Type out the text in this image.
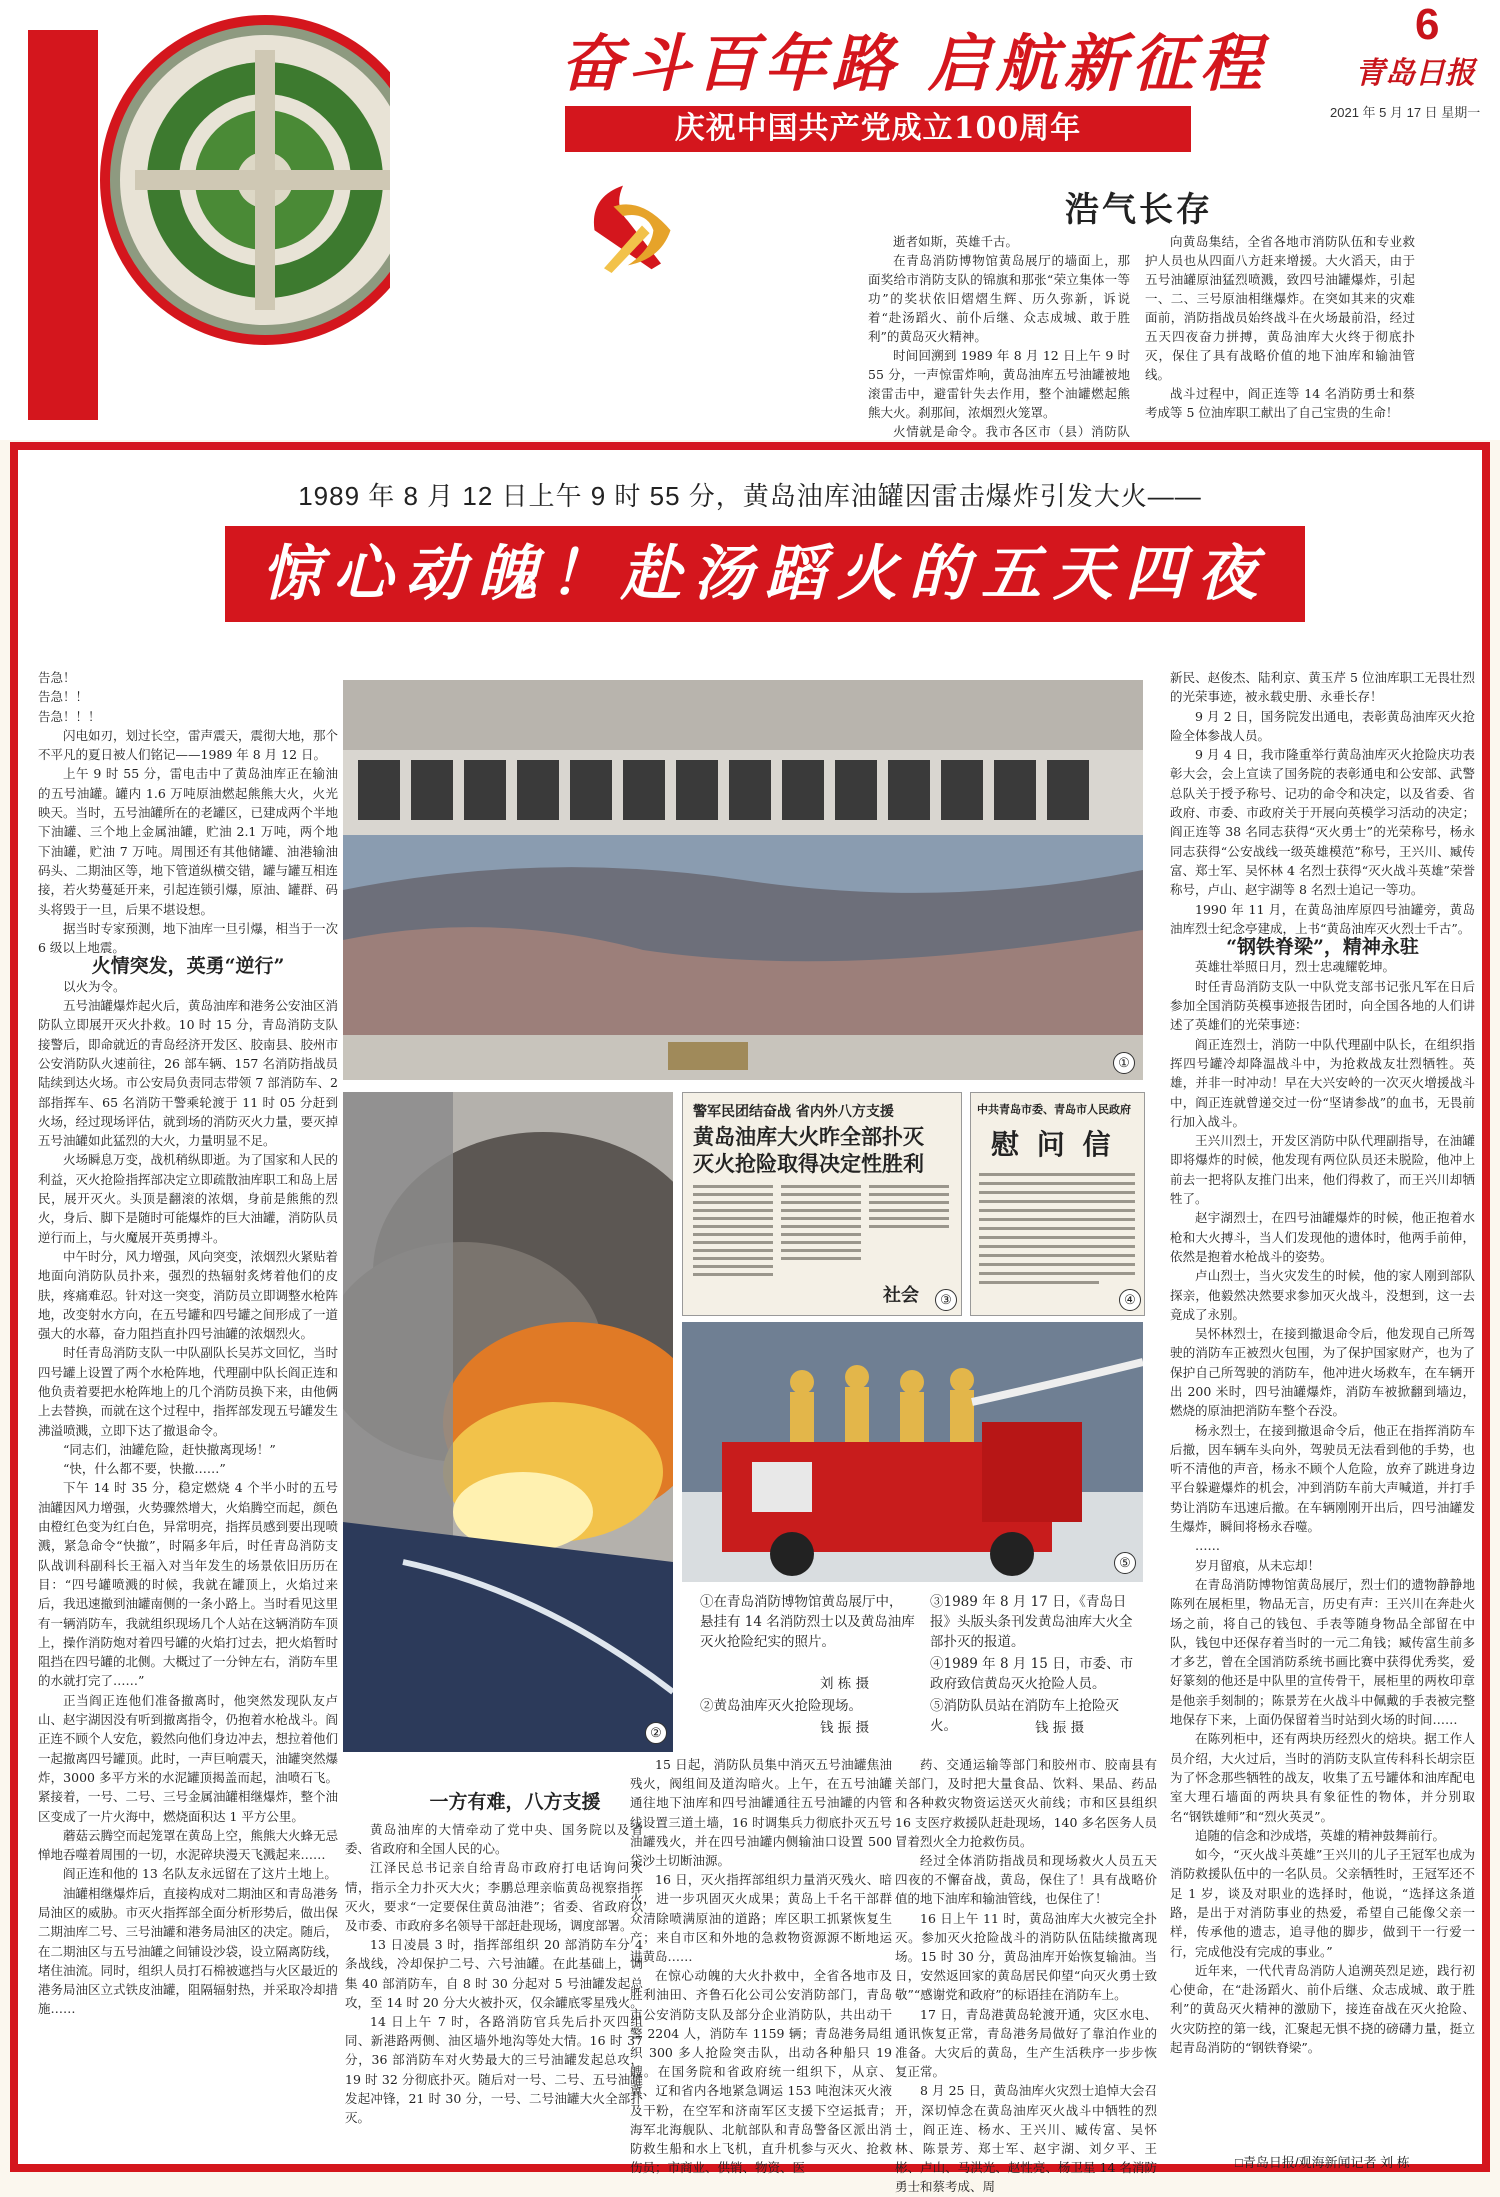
奋斗百年路 启航新征程
6
青岛日报
2021 年 5 月 17 日 星期一
庆祝中国共产党成立100周年
浩气长存

逝者如斯，英雄千古。

在青岛消防博物馆黄岛展厅的墙面上，那面奖给市消防支队的锦旗和那张“荣立集体一等功”的奖状依旧熠熠生辉、历久弥新，诉说着“赴汤蹈火、前仆后继、众志成城、敢于胜利”的黄岛灭火精神。

时间回溯到 1989 年 8 月 12 日上午 9 时 55 分，一声惊雷炸响，黄岛油库五号油罐被地滚雷击中，避雷针失去作用，整个油罐燃起熊熊大火。刹那间，浓烟烈火笼罩。

火情就是命令。我市各区市（县）消防队

向黄岛集结，全省各地市消防队伍和专业救护人员也从四面八方赶来增援。大火滔天，由于五号油罐原油猛烈喷溅，致四号油罐爆炸，引起一、二、三号原油相继爆炸。在突如其来的灾难面前，消防指战员始终战斗在火场最前沿，经过五天四夜奋力拼搏，黄岛油库大火终于彻底扑灭，保住了具有战略价值的地下油库和输油管线。

战斗过程中，阎正连等 14 名消防勇士和蔡考成等 5 位油库职工献出了自己宝贵的生命！

1989 年 8 月 12 日上午 9 时 55 分，黄岛油库油罐因雷击爆炸引发大火——
惊心动魄！赴汤蹈火的五天四夜

告急！

告急！！

告急！！！

闪电如刃，划过长空，雷声震天，震彻大地，那个不平凡的夏日被人们铭记——1989 年 8 月 12 日。

上午 9 时 55 分，雷电击中了黄岛油库正在输油的五号油罐。罐内 1.6 万吨原油燃起熊熊大火，火光映天。当时，五号油罐所在的老罐区，已建成两个半地下油罐、三个地上金属油罐，贮油 2.1 万吨，两个地下油罐，贮油 7 万吨。周围还有其他储罐、油港输油码头、二期油区等，地下管道纵横交错，罐与罐互相连接，若火势蔓延开来，引起连锁引爆，原油、罐群、码头将毁于一旦，后果不堪设想。

据当时专家预测，地下油库一旦引爆，相当于一次 6 级以上地震。

火情突发，英勇“逆行”

以火为令。

五号油罐爆炸起火后，黄岛油库和港务公安油区消防队立即展开灭火扑救。10 时 15 分，青岛消防支队接警后，即命就近的青岛经济开发区、胶南县、胶州市公安消防队火速前往，26 部车辆、157 名消防指战员陆续到达火场。市公安局负责同志带领 7 部消防车、2 部指挥车、65 名消防干警乘轮渡于 11 时 05 分赶到火场，经过现场评估，就到场的消防灭火力量，要灭掉五号油罐如此猛烈的大火，力量明显不足。

火场瞬息万变，战机稍纵即逝。为了国家和人民的利益，灭火抢险指挥部决定立即疏散油库职工和岛上居民，展开灭火。头顶是翻滚的浓烟，身前是熊熊的烈火，身后、脚下是随时可能爆炸的巨大油罐，消防队员逆行而上，与火魔展开英勇搏斗。

中午时分，风力增强，风向突变，浓烟烈火紧贴着地面向消防队员扑来，强烈的热辐射炙烤着他们的皮肤，疼痛难忍。针对这一突变，消防员立即调整水枪阵地，改变射水方向，在五号罐和四号罐之间形成了一道强大的水幕，奋力阻挡直扑四号油罐的浓烟烈火。

时任青岛消防支队一中队副队长吴苏文回忆，当时四号罐上设置了两个水枪阵地，代理副中队长阎正连和他负责着要把水枪阵地上的几个消防员换下来，由他俩上去替换，而就在这个过程中，指挥部发现五号罐发生沸溢喷溅，立即下达了撤退命令。

“同志们，油罐危险，赶快撤离现场！”

“快，什么都不要，快撤……”

下午 14 时 35 分，稳定燃烧 4 个半小时的五号油罐因风力增强，火势骤然增大，火焰腾空而起，颜色由橙红色变为红白色，异常明亮，指挥员感到要出现喷溅，紧急命令“快撤”，时隔多年后，时任青岛消防支队战训科副科长王福入对当年发生的场景依旧历历在目：“四号罐喷溅的时候，我就在罐顶上，火焰过来后，我迅速撤到油罐南侧的一条小路上。当时看见这里有一辆消防车，我就组织现场几个人站在这辆消防车顶上，操作消防炮对着四号罐的火焰打过去，把火焰暂时阻挡在四号罐的北侧。大概过了一分钟左右，消防车里的水就打完了……”

正当阎正连他们准备撤离时，他突然发现队友卢山、赵宇湖因没有听到撤离指令，仍抱着水枪战斗。阎正连不顾个人安危，毅然向他们身边冲去，想拉着他们一起撤离四号罐顶。此时，一声巨响震天，油罐突然爆炸，3000 多平方米的水泥罐顶揭盖而起，油喷石飞。紧接着，一号、二号、三号金属油罐相继爆炸，整个油区变成了一片火海中，燃烧面积达 1 平方公里。

蘑菇云腾空而起笼罩在黄岛上空，熊熊大火蜂无忌惮地吞噬着周围的一切，水泥碎块漫天飞溅起来……

阎正连和他的 13 名队友永远留在了这片土地上。

油罐相继爆炸后，直接构成对二期油区和青岛港务局油区的威胁。市灭火指挥部全面分析形势后，做出保二期油库二号、三号油罐和港务局油区的决定。随后，在二期油区与五号油罐之间铺设沙袋，设立隔离防线，堵住油流。同时，组织人员打石棉被遮挡与火区最近的港务局油区立式铁皮油罐，阻隔辐射热，并采取冷却措施……

①
②
警军民团结奋战 省内外八方支援
黄岛油库大火昨全部扑灭 灭火抢险取得决定性胜利
社会	③
中共青岛市委、青岛市人民政府
慰 问 信
④
⑤
①在青岛消防博物馆黄岛展厅中，悬挂有 14 名消防烈士以及黄岛油库灭火抢险纪实的照片。
刘 栋 摄
②黄岛油库灭火抢险现场。
钱 振 摄
③1989 年 8 月 17 日，《青岛日报》头版头条刊发黄岛油库大火全部扑灭的报道。
④1989 年 8 月 15 日，市委、市政府致信黄岛灭火抢险人员。
⑤消防队员站在消防车上抢险灭火。	钱 振 摄
一方有难，八方支援

黄岛油库的大情牵动了党中央、国务院以及省委、省政府和全国人民的心。

江泽民总书记亲自给青岛市政府打电话询问火情，指示全力扑灭大火；李鹏总理亲临黄岛视察指挥灭火，要求“一定要保住黄岛油港”；省委、省政府以及市委、市政府多名领导干部赶赴现场，调度部署。

13 日凌晨 3 时，指挥部组织 20 部消防车分 4 条战线，冷却保护二号、六号油罐。在此基础上，调集 40 部消防车，自 8 时 30 分起对 5 号油罐发起总攻，至 14 时 20 分大火被扑灭，仅余罐底零星残火。

14 日上午 7 时，各路消防官兵先后扑灭四组同、新港路两侧、油区墙外地沟等处大情。16 时 37 分，36 部消防车对火势最大的三号油罐发起总攻，19 时 32 分彻底扑灭。随后对一号、二号、五号油罐发起冲锋，21 时 30 分，一号、二号油罐大火全部扑灭。

15 日起，消防队员集中消灭五号油罐焦油残火，阀组间及道沟暗火。上午，在五号油罐通往地下油库和四号油罐通往五号油罐的内管线设置三道土墙，16 时调集兵力彻底扑灭五号油罐残火，并在四号油罐内侧输油口设置 500 袋沙土切断油源。

16 日，灭火指挥部组织力量消灭残火、暗火，进一步巩固灭火成果；黄岛上千名干部群众清除喷满原油的道路；库区职工抓紧恢复生产；来自市区和外地的急救物资源源不断地运进黄岛……

在惊心动魄的大火扑救中，全省各地市及胜利油田、齐鲁石化公司公安消防部门，青岛市公安消防支队及部分企业消防队，共出动干警 2204 人，消防车 1159 辆；青岛港务局组织 300 多人抢险突击队，出动各种船只 19 艘。在国务院和省政府统一组织下，从京、冀、辽和省内各地紧急调运 153 吨泡沫灭火液及干粉，在空军和济南军区支援下空运抵青；海军北海舰队、北航部队和青岛警备区派出消防救生船和水上飞机，直升机参与灭火、抢救伤员；市商业、供销、物资、医

药、交通运输等部门和胶州市、胶南县有关部门，及时把大量食品、饮料、果品、药品和各种救灾物资运送灭火前线；市和区县组织 16 支医疗救援队赶赴现场，140 多名医务人员冒着烈火全力抢救伤员。

经过全体消防指战员和现场救火人员五天四夜的不懈奋战，黄岛，保住了！具有战略价值的地下油库和输油管线，也保住了！

16 日上午 11 时，黄岛油库大火被完全扑灭。参加灭火抢险战斗的消防队伍陆续撤离现场。15 时 30 分，黄岛油库开始恢复输油。当日，安然返回家的黄岛居民仰望“向灭火勇士致敬”“感谢党和政府”的标语挂在消防车上。

17 日，青岛港黄岛轮渡开通，灾区水电、通讯恢复正常，青岛港务局做好了靠泊作业的准备。大灾后的黄岛，生产生活秩序一步步恢复正常。

8 月 25 日，黄岛油库火灾烈士追悼大会召开，深切悼念在黄岛油库灭火战斗中牺牲的烈士，阎正连、杨水、王兴川、臧传富、吴怀林、陈景芳、郑士军、赵宇湖、刘夕平、王彬、卢山、马洪光、赵性亮、杨卫星 14 名消防勇士和蔡考成、周

新民、赵俊杰、陆利京、黄玉芹 5 位油库职工无畏壮烈的光荣事迹，被永载史册、永垂长存！

9 月 2 日，国务院发出通电，表彰黄岛油库灭火抢险全体参战人员。

9 月 4 日，我市隆重举行黄岛油库灭火抢险庆功表彰大会，会上宣读了国务院的表彰通电和公安部、武警总队关于授予称号、记功的命令和决定，以及省委、省政府、市委、市政府关于开展向英模学习活动的决定；阎正连等 38 名同志获得“灭火勇士”的光荣称号，杨永同志获得“公安战线一级英雄模范”称号，王兴川、臧传富、郑士军、吴怀林 4 名烈士获得“灭火战斗英雄”荣誉称号，卢山、赵宇湖等 8 名烈士追记一等功。

1990 年 11 月，在黄岛油库原四号油罐旁，黄岛油库烈士纪念亭建成，上书“黄岛油库灭火烈士千古”。

“钢铁脊梁”，精神永驻

英雄壮举照日月，烈士忠魂耀乾坤。

时任青岛消防支队一中队党支部书记张凡军在日后参加全国消防英模事迹报告团时，向全国各地的人们讲述了英雄们的光荣事迹：

阎正连烈士，消防一中队代理副中队长，在组织指挥四号罐冷却降温战斗中，为抢救战友壮烈牺牲。英雄，并非一时冲动！早在大兴安岭的一次灭火增援战斗中，阎正连就曾递交过一份“坚请参战”的血书，无畏前行加入战斗。

王兴川烈士，开发区消防中队代理副指导，在油罐即将爆炸的时候，他发现有两位队员还未脱险，他冲上前去一把将队友推门出来，他们得救了，而王兴川却牺牲了。

赵宇湖烈士，在四号油罐爆炸的时候，他正抱着水枪和大火搏斗，当人们发现他的遗体时，他两手前伸，依然是抱着水枪战斗的姿势。

卢山烈士，当火灾发生的时候，他的家人刚到部队探亲，他毅然决然要求参加灭火战斗，没想到，这一去竟成了永别。

吴怀林烈士，在接到撤退命令后，他发现自己所驾驶的消防车正被烈火包围，为了保护国家财产，也为了保护自己所驾驶的消防车，他冲进火场救车，在车辆开出 200 米时，四号油罐爆炸，消防车被掀翻到墙边，燃烧的原油把消防车整个吞没。

杨永烈士，在接到撤退命令后，他正在指挥消防车后撤，因车辆车头向外，驾驶员无法看到他的手势，也听不清他的声音，杨永不顾个人危险，放弃了跳进身边平台躲避爆炸的机会，冲到消防车前大声喊道，并打手势让消防车迅速后撤。在车辆刚刚开出后，四号油罐发生爆炸，瞬间将杨永吞噬。

……

岁月留痕，从未忘却！

在青岛消防博物馆黄岛展厅，烈士们的遗物静静地陈列在展柜里，物品无言，历史有声：王兴川在奔赴火场之前，将自己的钱包、手表等随身物品全部留在中队，钱包中还保存着当时的一元二角钱；臧传富生前多才多艺，曾在全国消防系统书画比赛中获得优秀奖，爱好篆刻的他还是中队里的宣传骨干，展柜里的两枚印章是他亲手刻制的；陈景芳在火战斗中佩戴的手表被完整地保存下来，上面仍保留着当时站到火场的时间……

在陈列柜中，还有两块历经烈火的焙块。据工作人员介绍，大火过后，当时的消防支队宣传科科长胡宗臣为了怀念那些牺牲的战友，收集了五号罐体和油库配电室大理石墙面的两块具有象征性的物体，并分别取名“钢铁雄师”和“烈火英灵”。

追随的信念和沙成塔，英雄的精神鼓舞前行。

如今，“灭火战斗英雄”王兴川的儿子王冠军也成为消防救援队伍中的一名队员。父亲牺牲时，王冠军还不足 1 岁，谈及对职业的选择时，他说，“选择这条道路，是出于对消防事业的热爱，希望自己能像父亲一样，传承他的遗志，追寻他的脚步，做到干一行爱一行，完成他没有完成的事业。”

近年来，一代代青岛消防人追溯英烈足迹，践行初心使命，在“赴汤蹈火、前仆后继、众志成城、敢于胜利”的黄岛灭火精神的激励下，接连奋战在灭火抢险、火灾防控的第一线，汇聚起无惧不挠的磅礴力量，挺立起青岛消防的“钢铁脊梁”。

□青岛日报/观海新闻记者 刘 栋
